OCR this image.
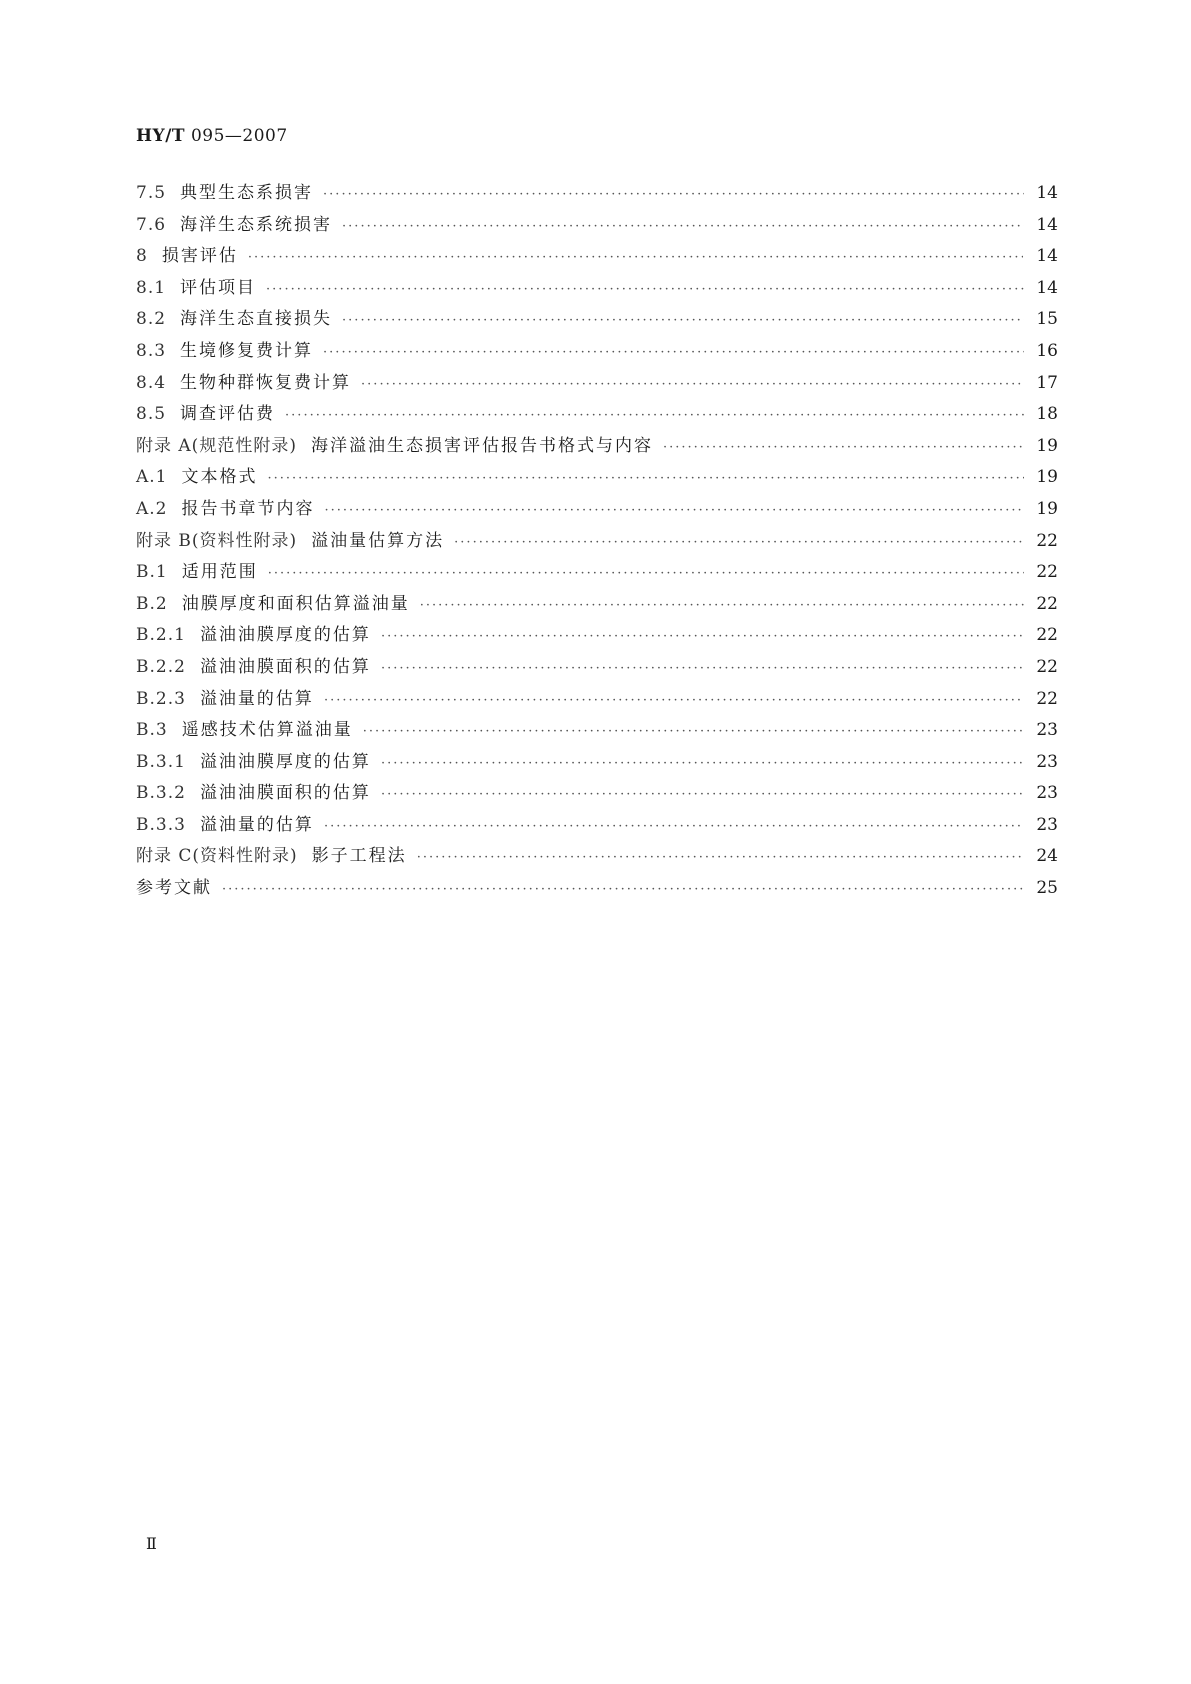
HY/T 095—2007
7.5 典型生态系损害 ·····	14
7.6 海洋生态系统损害 ·····	14
8 损害评估 ·····	14
8.1 评估项目 ·····	14
8.2 海洋生态直接损失 ·····	15
8.3 生境修复费计算 ·····	16
8.4 生物种群恢复费计算 ·····	17
8.5 调查评估费 ·····	18
附录 A(规范性附录) 海洋溢油生态损害评估报告书格式与内容 ·····	19
A.1 文本格式 ·····	19
A.2 报告书章节内容 ·····	19
附录 B(资料性附录) 溢油量估算方法 ·····	22
B.1 适用范围 ·····	22
B.2 油膜厚度和面积估算溢油量 ·····	22
B.2.1 溢油油膜厚度的估算 ·····	22
B.2.2 溢油油膜面积的估算 ·····	22
B.2.3 溢油量的估算 ·····	22
B.3 遥感技术估算溢油量 ·····	23
B.3.1 溢油油膜厚度的估算 ·····	23
B.3.2 溢油油膜面积的估算 ·····	23
B.3.3 溢油量的估算 ·····	23
附录 C(资料性附录) 影子工程法 ·····	24
参考文献 ·····	25
Ⅱ
